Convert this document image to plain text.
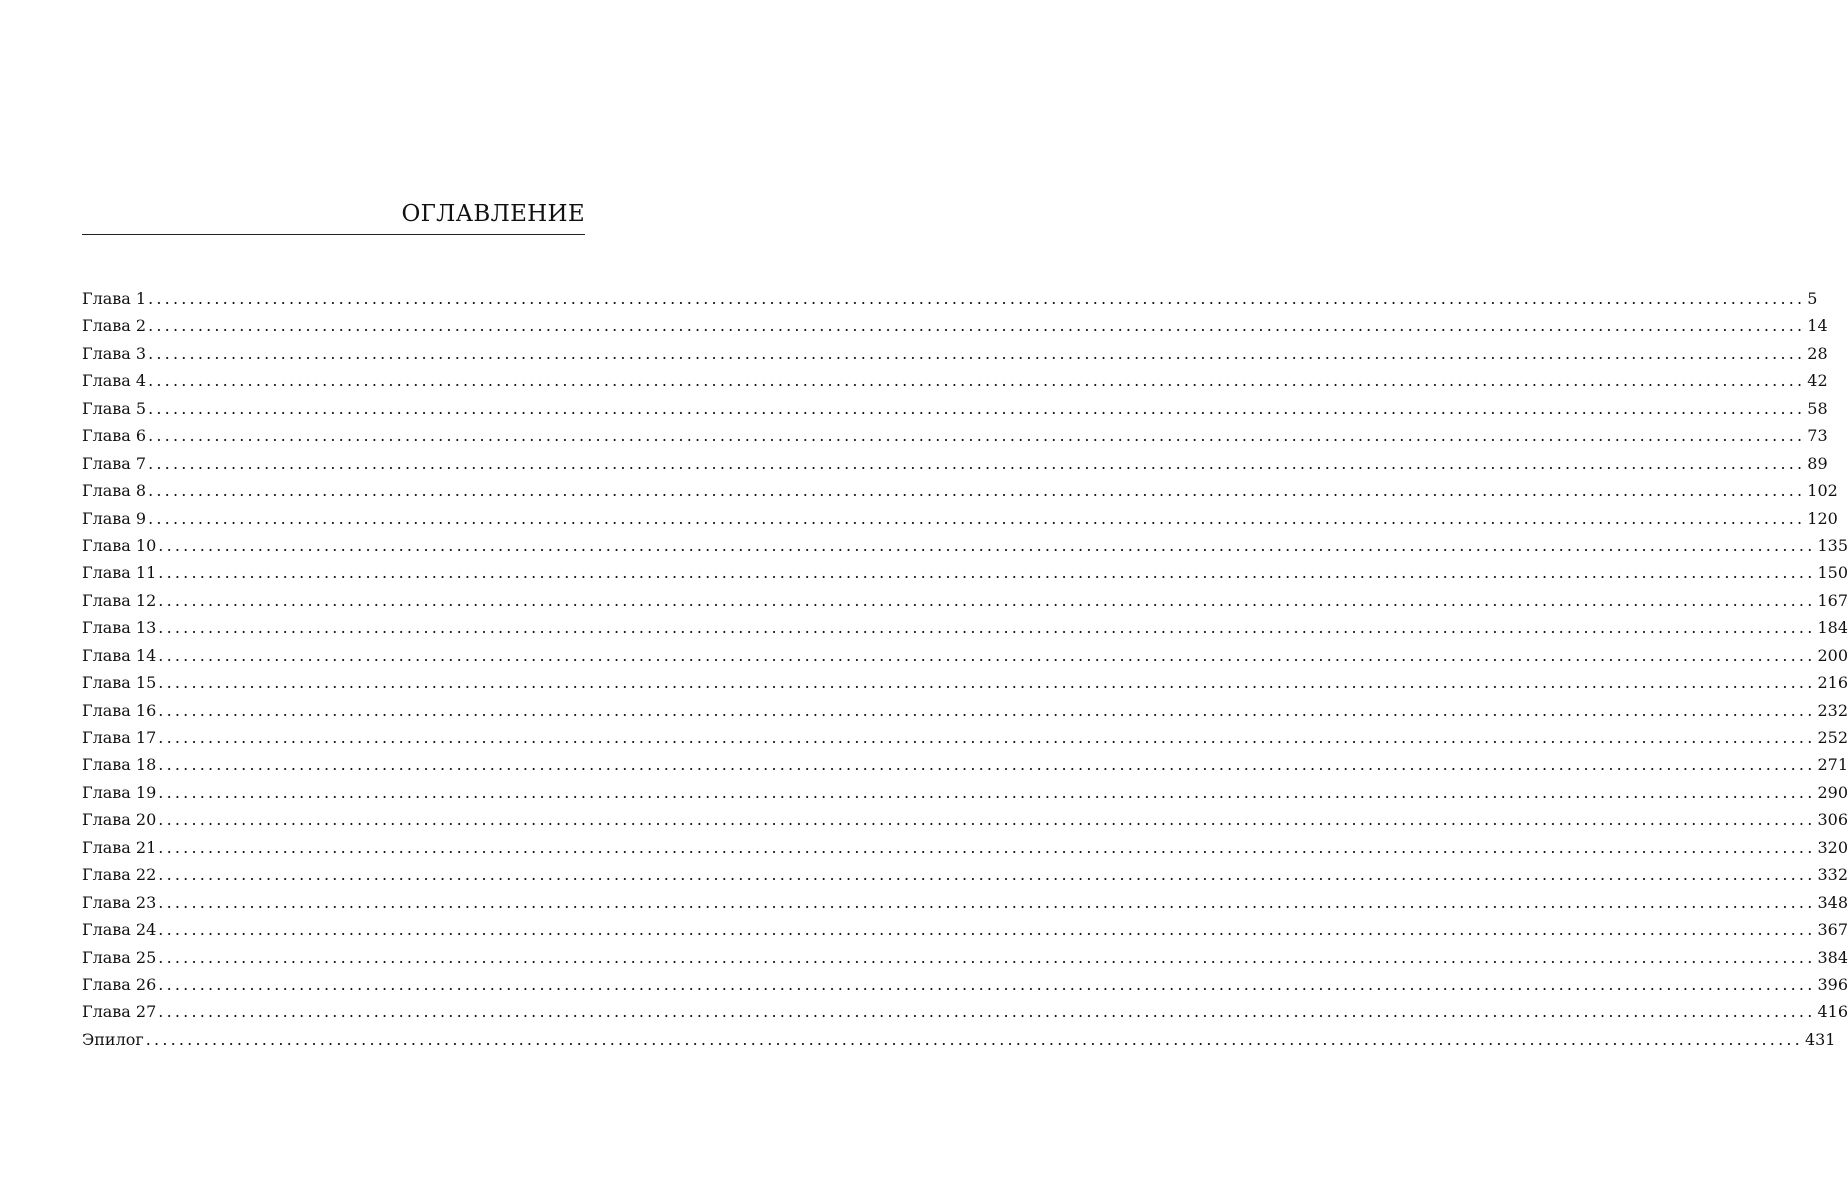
ОГЛАВЛЕНИЕ
Глава 1 ........................................................................................................................................................................................................ 5
Глава 2 ........................................................................................................................................................................................................ 14
Глава 3 ........................................................................................................................................................................................................ 28
Глава 4 ........................................................................................................................................................................................................ 42
Глава 5 ........................................................................................................................................................................................................ 58
Глава 6 ........................................................................................................................................................................................................ 73
Глава 7 ........................................................................................................................................................................................................ 89
Глава 8 ........................................................................................................................................................................................................ 102
Глава 9 ........................................................................................................................................................................................................ 120
Глава 10 ........................................................................................................................................................................................................ 135
Глава 11 ........................................................................................................................................................................................................ 150
Глава 12 ........................................................................................................................................................................................................ 167
Глава 13 ........................................................................................................................................................................................................ 184
Глава 14 ........................................................................................................................................................................................................ 200
Глава 15 ........................................................................................................................................................................................................ 216
Глава 16 ........................................................................................................................................................................................................ 232
Глава 17 ........................................................................................................................................................................................................ 252
Глава 18 ........................................................................................................................................................................................................ 271
Глава 19 ........................................................................................................................................................................................................ 290
Глава 20 ........................................................................................................................................................................................................ 306
Глава 21 ........................................................................................................................................................................................................ 320
Глава 22 ........................................................................................................................................................................................................ 332
Глава 23 ........................................................................................................................................................................................................ 348
Глава 24 ........................................................................................................................................................................................................ 367
Глава 25 ........................................................................................................................................................................................................ 384
Глава 26 ........................................................................................................................................................................................................ 396
Глава 27 ........................................................................................................................................................................................................ 416
Эпилог ........................................................................................................................................................................................................ 431
